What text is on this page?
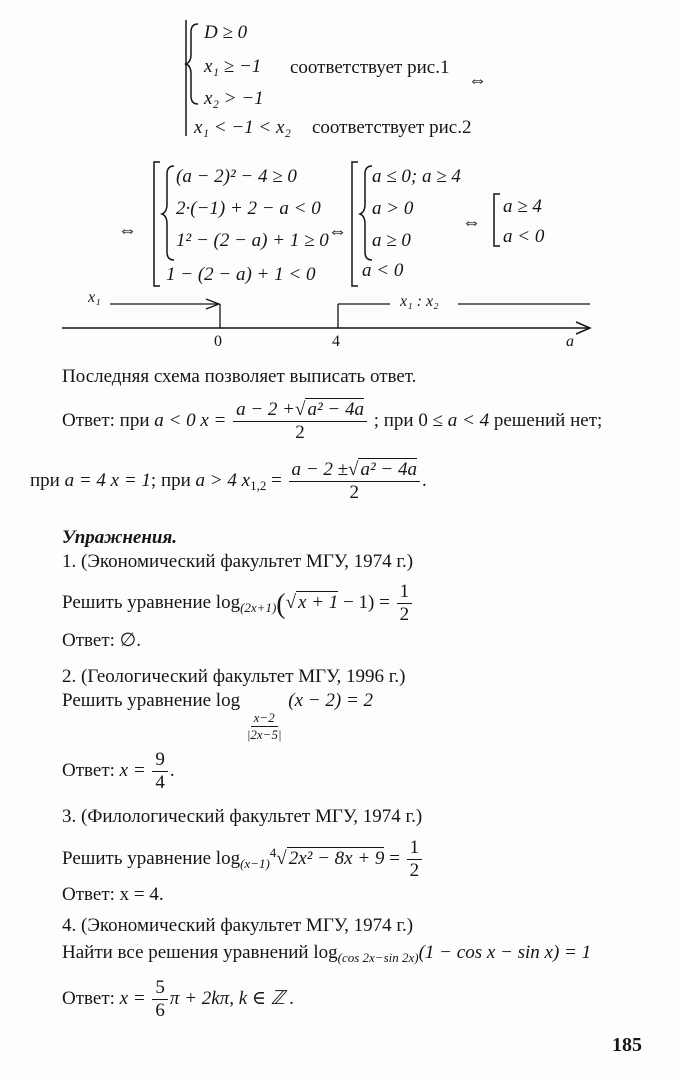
D ≥ 0
x₁ ≥ −1 соответствует рис.1
x₂ > −1
x₁ < −1 < x₂ соответствует рис.2
⇔
⇔
(a − 2)² − 4 ≥ 0
2·(−1) + 2 − a < 0
1² − (2 − a) + 1 ≥ 0
1 − (2 − a) + 1 < 0
⇔
a ≤ 0; a ≥ 4
a > 0
a ≥ 0
a < 0
⇔
a ≥ 4
a < 0
x₁	x₁ : x₂
0	4	a
Последняя схема позволяет выписать ответ.
Ответ: при a < 0 $x = \frac{\text{a − 2 +√ a² − 4a}}{2}$ ; при 0 ≤ a < 4 решений нет;
при a = 4 x = 1; при a > 4 $x_{1,2} = \frac{\text{a − 2 ±√ a² − 4a}}{2}$ .
Упражнения.
1. (Экономический факультет МГУ, 1974 г.)
Решить уравнение $\log_{(2x+1)}(√$ $x + 1 - 1) = \frac{1}{2}$
Ответ: ∅.
2. (Геологический факультет МГУ, 1996 г.)
Решить уравнение log
$\frac{x-2}{|2x-5|}$
(x − 2) = 2
Ответ: $x = \frac{9}{4}$ .
3. (Филологический факультет МГУ, 1974 г.)
Решить уравнение $\log_{(x-1)}^4√$ $2x^2 - 8x + 9 = \frac{1}{2}$
Ответ: x = 4.
4. (Экономический факультет МГУ, 1974 г.)
Найти все решения уравнений $\log_{(cos 2x-sin 2x)}(1 - \cos x - \sin x) = 1$
Ответ: $x = \frac{5}{6}$ π + 2kπ, k ∈ ℤ .
185
